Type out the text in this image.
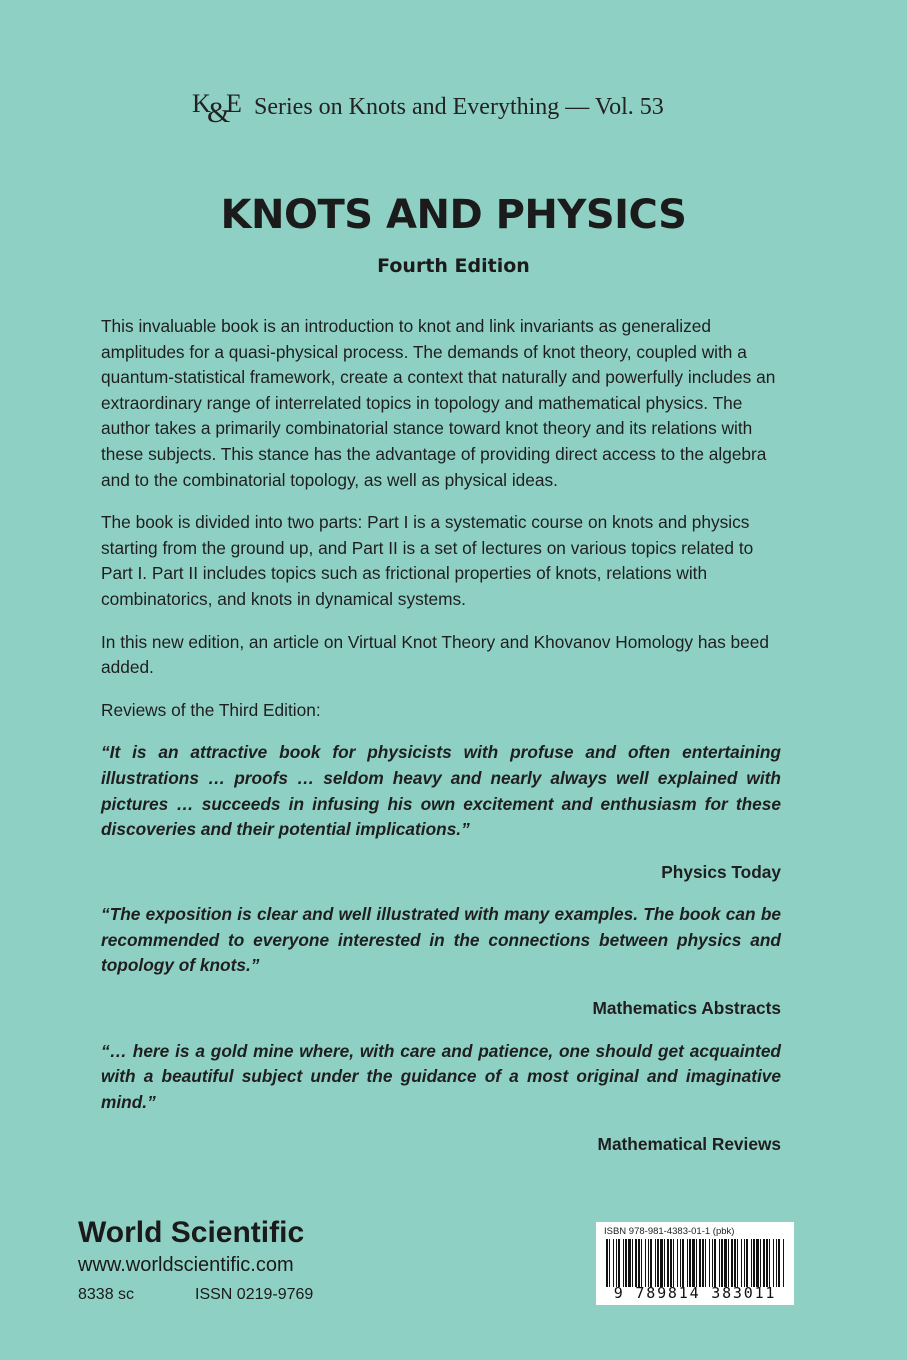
K
&
E Series on Knots and Everything — Vol. 53
KNOTS AND PHYSICS
Fourth Edition

This invaluable book is an introduction to knot and link invariants as generalized amplitudes for a quasi-physical process. The demands of knot theory, coupled with a quantum-statistical framework, create a context that naturally and powerfully includes an extraordinary range of interrelated topics in topology and mathematical physics. The author takes a primarily combinatorial stance toward knot theory and its relations with these subjects. This stance has the advantage of providing direct access to the algebra and to the combinatorial topology, as well as physical ideas.

The book is divided into two parts: Part I is a systematic course on knots and physics starting from the ground up, and Part II is a set of lectures on various topics related to Part I. Part II includes topics such as frictional properties of knots, relations with combinatorics, and knots in dynamical systems.

In this new edition, an article on Virtual Knot Theory and Khovanov Homology has beed added.

Reviews of the Third Edition:

“It is an attractive book for physicists with profuse and often entertaining illustrations … proofs … seldom heavy and nearly always well explained with pictures … succeeds in infusing his own excitement and enthusiasm for these discoveries and their potential implications.”

Physics Today

“The exposition is clear and well illustrated with many examples. The book can be recommended to everyone interested in the connections between physics and topology of knots.”

Mathematics Abstracts

“… here is a gold mine where, with care and patience, one should get acquainted with a beautiful subject under the guidance of a most original and imaginative mind.”

Mathematical Reviews

World Scientific
www.worldscientific.com
8338 sc	ISSN 0219-9769
ISBN 978-981-4383-01-1 (pbk)
9 789814 383011
